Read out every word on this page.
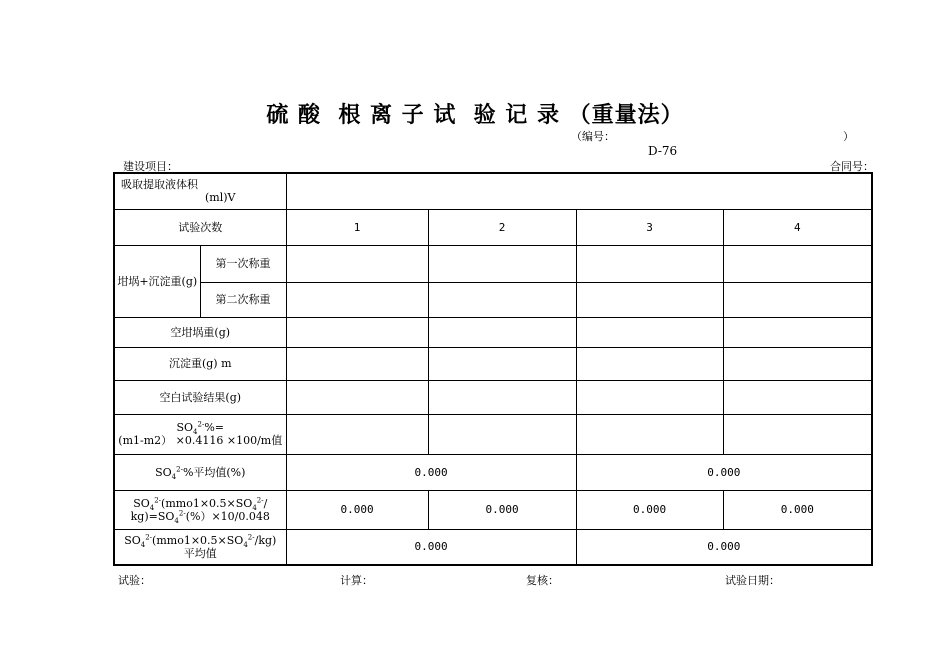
硫 酸  根 离 子 试  验 记 录 （重量法）
（编号：	）
D-76
建设项目：	合同号：
吸取提取液体积
(ml)V					

试验次数		1	2	3	4
坩埚+沉淀重(g)	第一次称重				
	第二次称重				
空坩埚重(g)					
沉淀重(g) m					
空白试验结果(g)					

$SO_4^{2-}\%=$
(m1-m2） ×0.4116 ×100/m值					

$SO_4^{2-}\%$平均值(%)		0.000		0.000	

$SO_4^{2-}(mmo1\times 0.5\times SO_4^{2-}/$
$kg)=SO_4^{2-}(\%)\times 10/0.048$		0.000	0.000	0.000	0.000

$SO_4^{2-}(mmo1\times 0.5\times SO_4^{2-}/kg)$
平均值		0.000		0.000	
试验：	计算：	复核：	试验日期：
